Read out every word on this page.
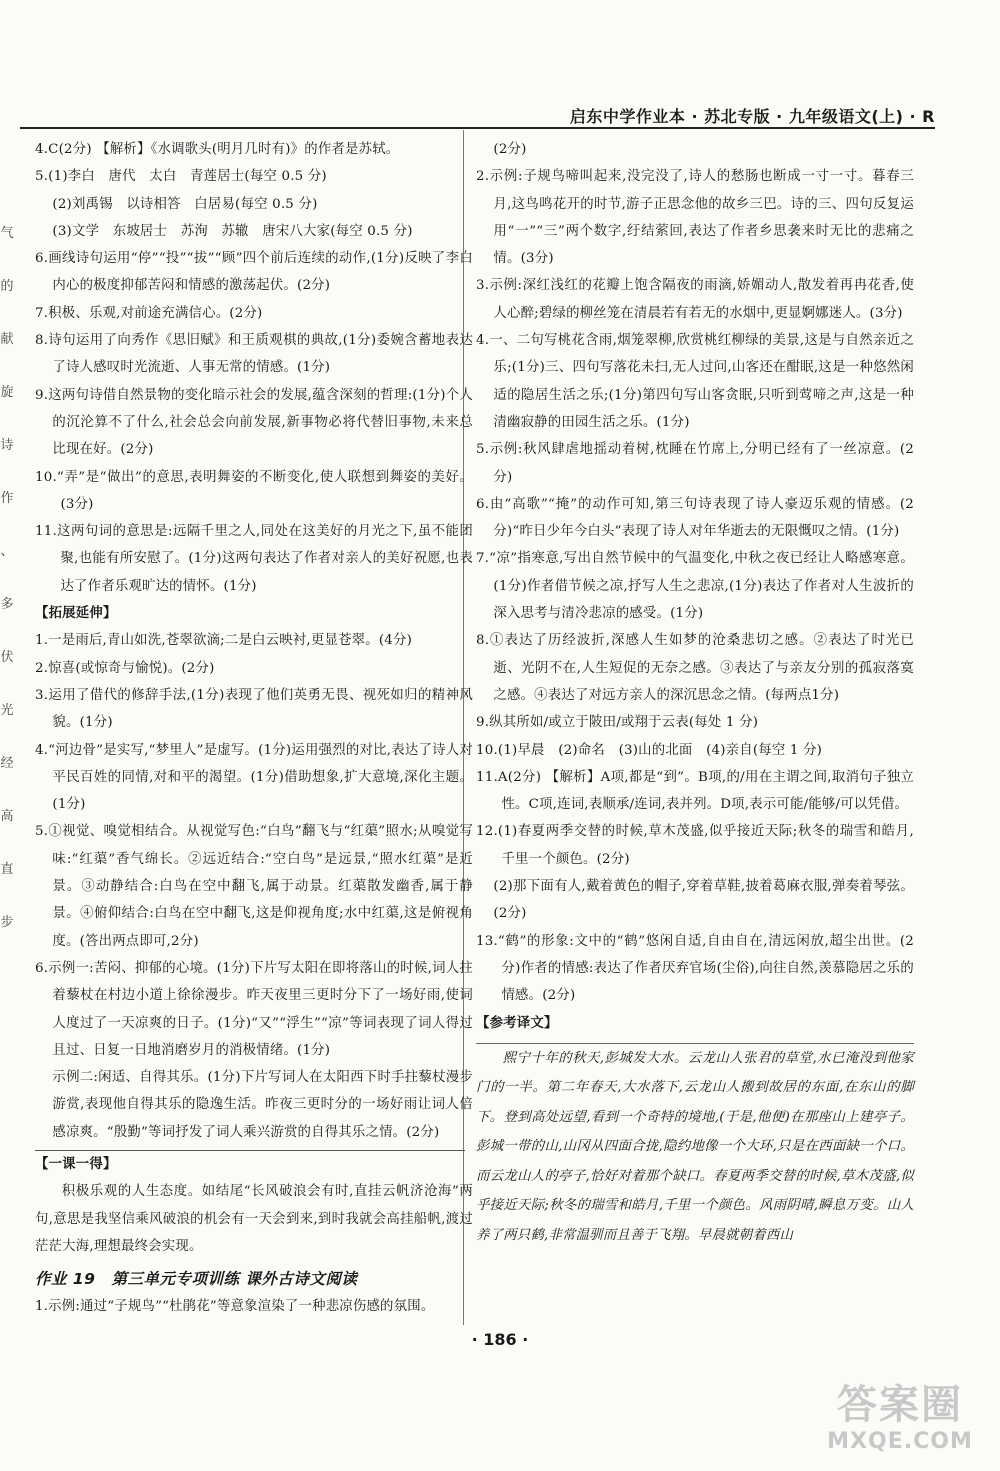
气
的
献
旋
诗
作
、
多
伏
光
经
高
直
步
启东中学作业本 · 苏北专版 · 九年级语文(上) · R

4.C(2分) 【解析】《水调歌头(明月几时有)》的作者是苏轼。

5.(1)李白　唐代　太白　青莲居士(每空 0.5 分)

(2)刘禹锡　以诗相答　白居易(每空 0.5 分)

(3)文学　东坡居士　苏洵　苏辙　唐宋八大家(每空 0.5 分)

6.画线诗句运用“停”“投”“拔”“顾”四个前后连续的动作,(1分)反映了李白内心的极度抑郁苦闷和情感的激荡起伏。(2分)

7.积极、乐观,对前途充满信心。(2分)

8.诗句运用了向秀作《思旧赋》和王质观棋的典故,(1分)委婉含蓄地表达了诗人感叹时光流逝、人事无常的情感。(1分)

9.这两句诗借自然景物的变化暗示社会的发展,蕴含深刻的哲理:(1分)个人的沉沦算不了什么,社会总会向前发展,新事物必将代替旧事物,未来总比现在好。(2分)

10.“弄”是“做出”的意思,表明舞姿的不断变化,使人联想到舞姿的美好。(3分)

11.这两句词的意思是:远隔千里之人,同处在这美好的月光之下,虽不能团聚,也能有所安慰了。(1分)这两句表达了作者对亲人的美好祝愿,也表达了作者乐观旷达的情怀。(1分)

【拓展延伸】

1.一是雨后,青山如洗,苍翠欲滴;二是白云映衬,更显苍翠。(4分)

2.惊喜(或惊奇与愉悦)。(2分)

3.运用了借代的修辞手法,(1分)表现了他们英勇无畏、视死如归的精神风貌。(1分)

4.“河边骨”是实写,“梦里人”是虚写。(1分)运用强烈的对比,表达了诗人对平民百姓的同情,对和平的渴望。(1分)借助想象,扩大意境,深化主题。(1分)

5.①视觉、嗅觉相结合。从视觉写色:“白鸟”翻飞与“红蕖”照水;从嗅觉写味:“红蕖”香气绵长。②远近结合:“空白鸟”是远景,“照水红蕖”是近景。③动静结合:白鸟在空中翻飞,属于动景。红蕖散发幽香,属于静景。④俯仰结合:白鸟在空中翻飞,这是仰视角度;水中红蕖,这是俯视角度。(答出两点即可,2分)

6.示例一:苦闷、抑郁的心境。(1分)下片写太阳在即将落山的时候,词人拄着藜杖在村边小道上徐徐漫步。昨天夜里三更时分下了一场好雨,使词人度过了一天凉爽的日子。(1分)“又”“浮生”“凉”等词表现了词人得过且过、日复一日地消磨岁月的消极情绪。(1分)

示例二:闲适、自得其乐。(1分)下片写词人在太阳西下时手拄藜杖漫步游赏,表现他自得其乐的隐逸生活。昨夜三更时分的一场好雨让词人倍感凉爽。“殷勤”等词抒发了词人乘兴游赏的自得其乐之情。(2分)

【一课一得】

积极乐观的人生态度。如结尾“长风破浪会有时,直挂云帆济沧海”两句,意思是我坚信乘风破浪的机会有一天会到来,到时我就会高挂船帆,渡过茫茫大海,理想最终会实现。

作业 19　第三单元专项训练 课外古诗文阅读

1.示例:通过“子规鸟”“杜鹃花”等意象渲染了一种悲凉伤感的氛围。

(2分)

2.示例:子规鸟啼叫起来,没完没了,诗人的愁肠也断成一寸一寸。暮春三月,这鸟鸣花开的时节,游子正思念他的故乡三巴。诗的三、四句反复运用“一”“三”两个数字,纡结萦回,表达了作者乡思袭来时无比的悲痛之情。(3分)

3.示例:深红浅红的花瓣上饱含隔夜的雨滴,娇媚动人,散发着再冉花香,使人心醉;碧绿的柳丝笼在清晨若有若无的水烟中,更显婀娜迷人。(3分)

4.一、二句写桃花含雨,烟笼翠柳,欣赏桃红柳绿的美景,这是与自然亲近之乐;(1分)三、四句写落花未扫,无人过问,山客还在酣眠,这是一种悠然闲适的隐居生活之乐;(1分)第四句写山客贪眠,只听到莺啼之声,这是一种清幽寂静的田园生活之乐。(1分)

5.示例:秋风肆虐地摇动着树,枕睡在竹席上,分明已经有了一丝凉意。(2分)

6.由“高歌”“掩”的动作可知,第三句诗表现了诗人豪迈乐观的情感。(2分)“昨日少年今白头”表现了诗人对年华逝去的无限慨叹之情。(1分)

7.“凉”指寒意,写出自然节候中的气温变化,中秋之夜已经让人略感寒意。(1分)作者借节候之凉,抒写人生之悲凉,(1分)表达了作者对人生波折的深入思考与清冷悲凉的感受。(1分)

8.①表达了历经波折,深感人生如梦的沧桑悲切之感。②表达了时光已逝、光阴不在,人生短促的无奈之感。③表达了与亲友分别的孤寂落寞之感。④表达了对远方亲人的深沉思念之情。(每两点1分)

9.纵其所如/或立于陂田/或翔于云表(每处 1 分)

10.(1)早晨　(2)命名　(3)山的北面　(4)亲自(每空 1 分)

11.A(2分) 【解析】A项,都是“到”。B项,的/用在主谓之间,取消句子独立性。C项,连词,表顺承/连词,表并列。D项,表示可能/能够/可以凭借。

12.(1)春夏两季交替的时候,草木茂盛,似乎接近天际;秋冬的瑞雪和皓月,千里一个颜色。(2分)

(2)那下面有人,戴着黄色的帽子,穿着草鞋,披着葛麻衣服,弹奏着琴弦。(2分)

13.“鹤”的形象:文中的“鹤”悠闲自适,自由自在,清远闲放,超尘出世。(2分)作者的情感:表达了作者厌弃官场(尘俗),向往自然,羡慕隐居之乐的情感。(2分)

【参考译文】

熙宁十年的秋天,彭城发大水。云龙山人张君的草堂,水已淹没到他家门的一半。第二年春天,大水落下,云龙山人搬到故居的东面,在东山的脚下。登到高处远望,看到一个奇特的境地,(于是,他便)在那座山上建亭子。彭城一带的山,山冈从四面合拢,隐约地像一个大环,只是在西面缺一个口。而云龙山人的亭子,恰好对着那个缺口。春夏两季交替的时候,草木茂盛,似乎接近天际;秋冬的瑞雪和皓月,千里一个颜色。风雨阴晴,瞬息万变。山人养了两只鹤,非常温驯而且善于飞翔。早晨就朝着西山

· 186 ·
答案圈
MXQE.COM
